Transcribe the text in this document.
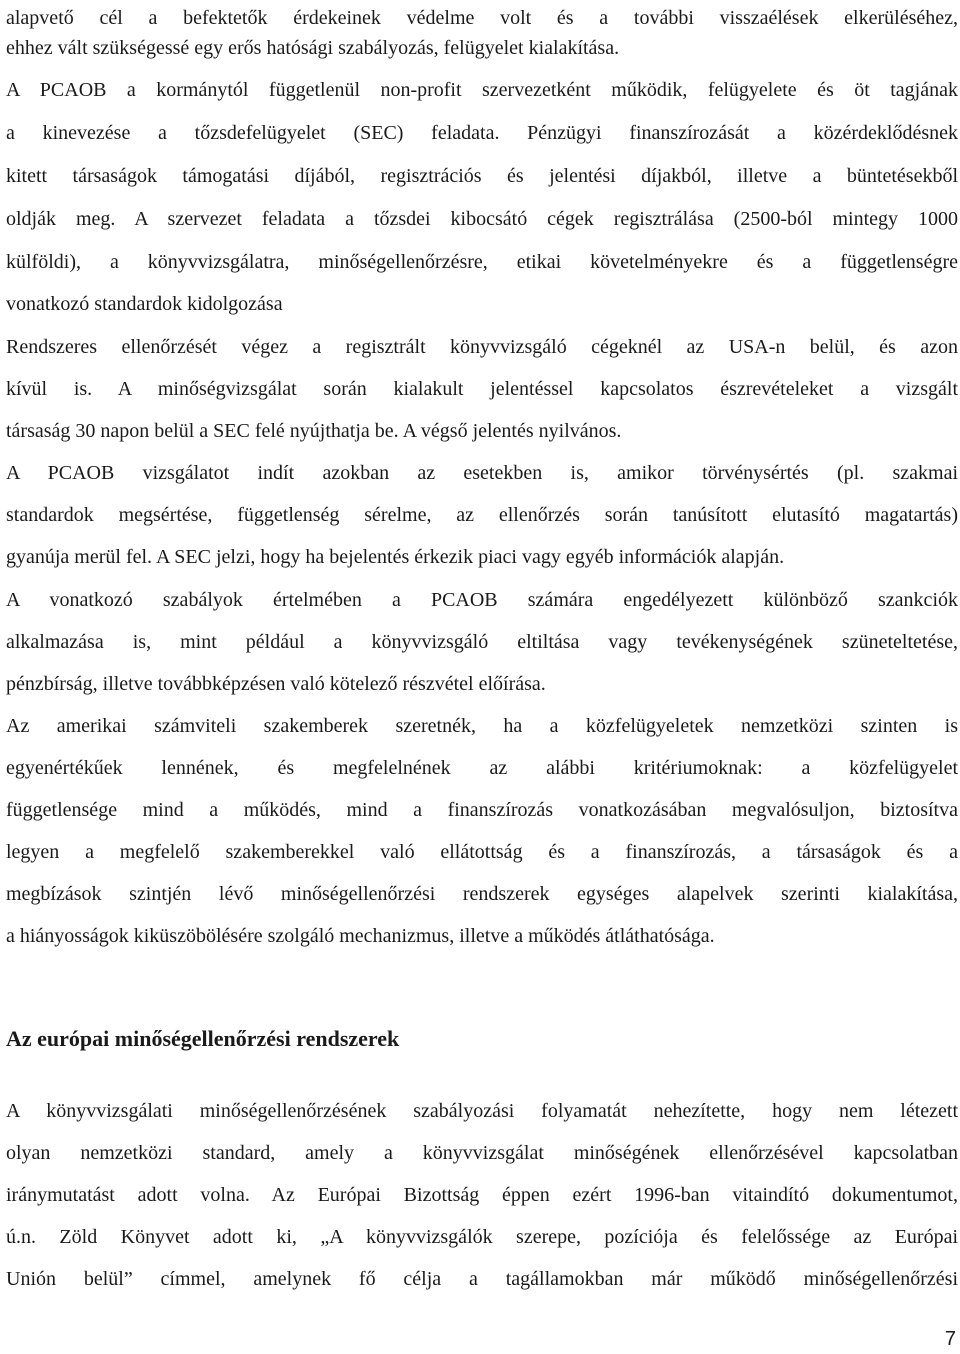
alapvető cél a befektetők érdekeinek védelme volt és a további visszaélések elkerüléséhez,
ehhez vált szükségessé egy erős hatósági szabályozás, felügyelet kialakítása.
A PCAOB a kormánytól függetlenül non-profit szervezetként működik, felügyelete és öt tagjának
a kinevezése a tőzsdefelügyelet (SEC) feladata. Pénzügyi finanszírozását a közérdeklődésnek
kitett társaságok támogatási díjából, regisztrációs és jelentési díjakból, illetve a büntetésekből
oldják meg. A szervezet feladata a tőzsdei kibocsátó cégek regisztrálása (2500-ból mintegy 1000
külföldi), a könyvvizsgálatra, minőségellenőrzésre, etikai követelményekre és a függetlenségre
vonatkozó standardok kidolgozása
Rendszeres ellenőrzését végez a regisztrált könyvvizsgáló cégeknél az USA-n belül, és azon
kívül is. A minőségvizsgálat során kialakult jelentéssel kapcsolatos észrevételeket a vizsgált
társaság 30 napon belül a SEC felé nyújthatja be. A végső jelentés nyilvános.
A PCAOB vizsgálatot indít azokban az esetekben is, amikor törvénysértés (pl. szakmai
standardok megsértése, függetlenség sérelme, az ellenőrzés során tanúsított elutasító magatartás)
gyanúja merül fel. A SEC jelzi, hogy ha bejelentés érkezik piaci vagy egyéb információk alapján.
A vonatkozó szabályok értelmében a PCAOB számára engedélyezett különböző szankciók
alkalmazása is, mint például a könyvvizsgáló eltiltása vagy tevékenységének szüneteltetése,
pénzbírság, illetve továbbképzésen való kötelező részvétel előírása.
Az amerikai számviteli szakemberek szeretnék, ha a közfelügyeletek nemzetközi szinten is
egyenértékűek lennének, és megfelelnének az alábbi kritériumoknak: a közfelügyelet
függetlensége mind a működés, mind a finanszírozás vonatkozásában megvalósuljon, biztosítva
legyen a megfelelő szakemberekkel való ellátottság és a finanszírozás, a társaságok és a
megbízások szintjén lévő minőségellenőrzési rendszerek egységes alapelvek szerinti kialakítása,
a hiányosságok kiküszöbölésére szolgáló mechanizmus, illetve a működés átláthatósága.
Az európai minőségellenőrzési rendszerek
A könyvvizsgálati minőségellenőrzésének szabályozási folyamatát nehezítette, hogy nem létezett
olyan nemzetközi standard, amely a könyvvizsgálat minőségének ellenőrzésével kapcsolatban
iránymutatást adott volna. Az Európai Bizottság éppen ezért 1996-ban vitaindító dokumentumot,
ú.n. Zöld Könyvet adott ki, „A könyvvizsgálók szerepe, pozíciója és felelőssége az Európai
Unión belül” címmel, amelynek fő célja a tagállamokban már működő minőségellenőrzési
7
